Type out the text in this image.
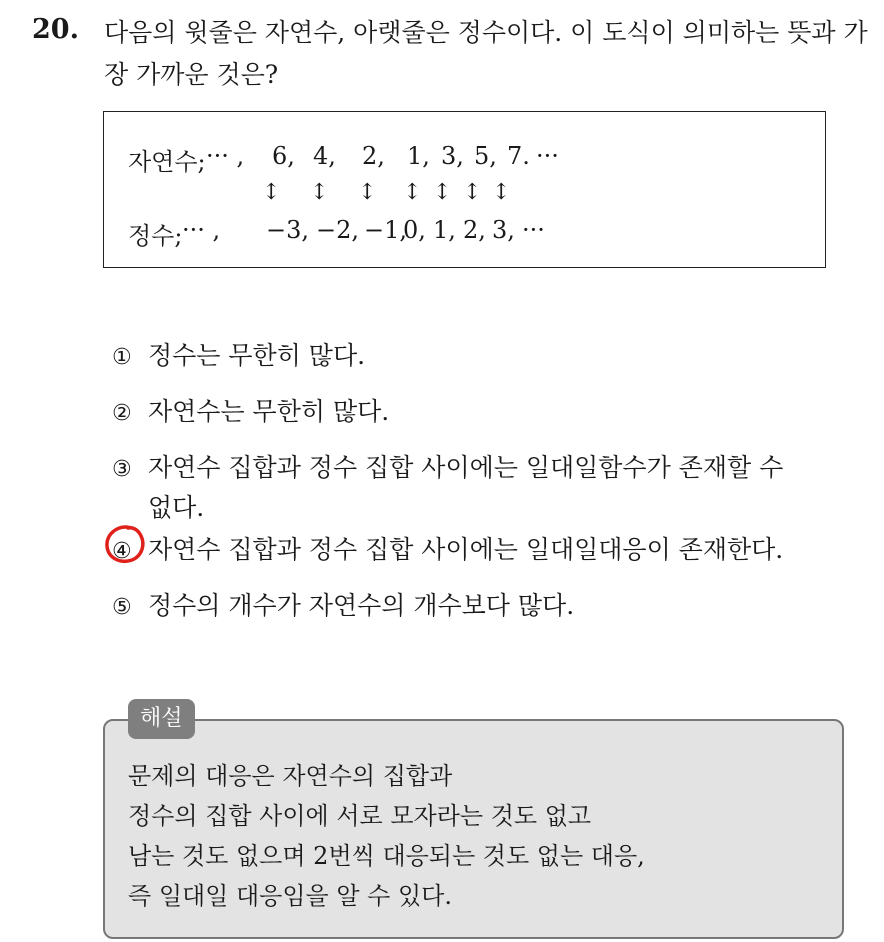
20. 다음의 윗줄은 자연수, 아랫줄은 정수이다. 이 도식이 의미하는 뜻과 가장 가까운 것은?
자연수; ··· , 6, 4, 2, 1, 3, 5, 7. ···
↕ ↕ ↕ ↕ ↕ ↕ ↕
정수; ··· , −3, −2, −1,
0, 1, 2, 3, ···
① 정수는 무한히 많다.
② 자연수는 무한히 많다.
③ 자연수 집합과 정수 집합 사이에는 일대일함수가 존재할 수
없다.
④ 자연수 집합과 정수 집합 사이에는 일대일대응이 존재한다.
⑤ 정수의 개수가 자연수의 개수보다 많다.
해설
문제의 대응은 자연수의 집합과
정수의 집합 사이에 서로 모자라는 것도 없고
남는 것도 없으며 2번씩 대응되는 것도 없는 대응,
즉 일대일 대응임을 알 수 있다.
